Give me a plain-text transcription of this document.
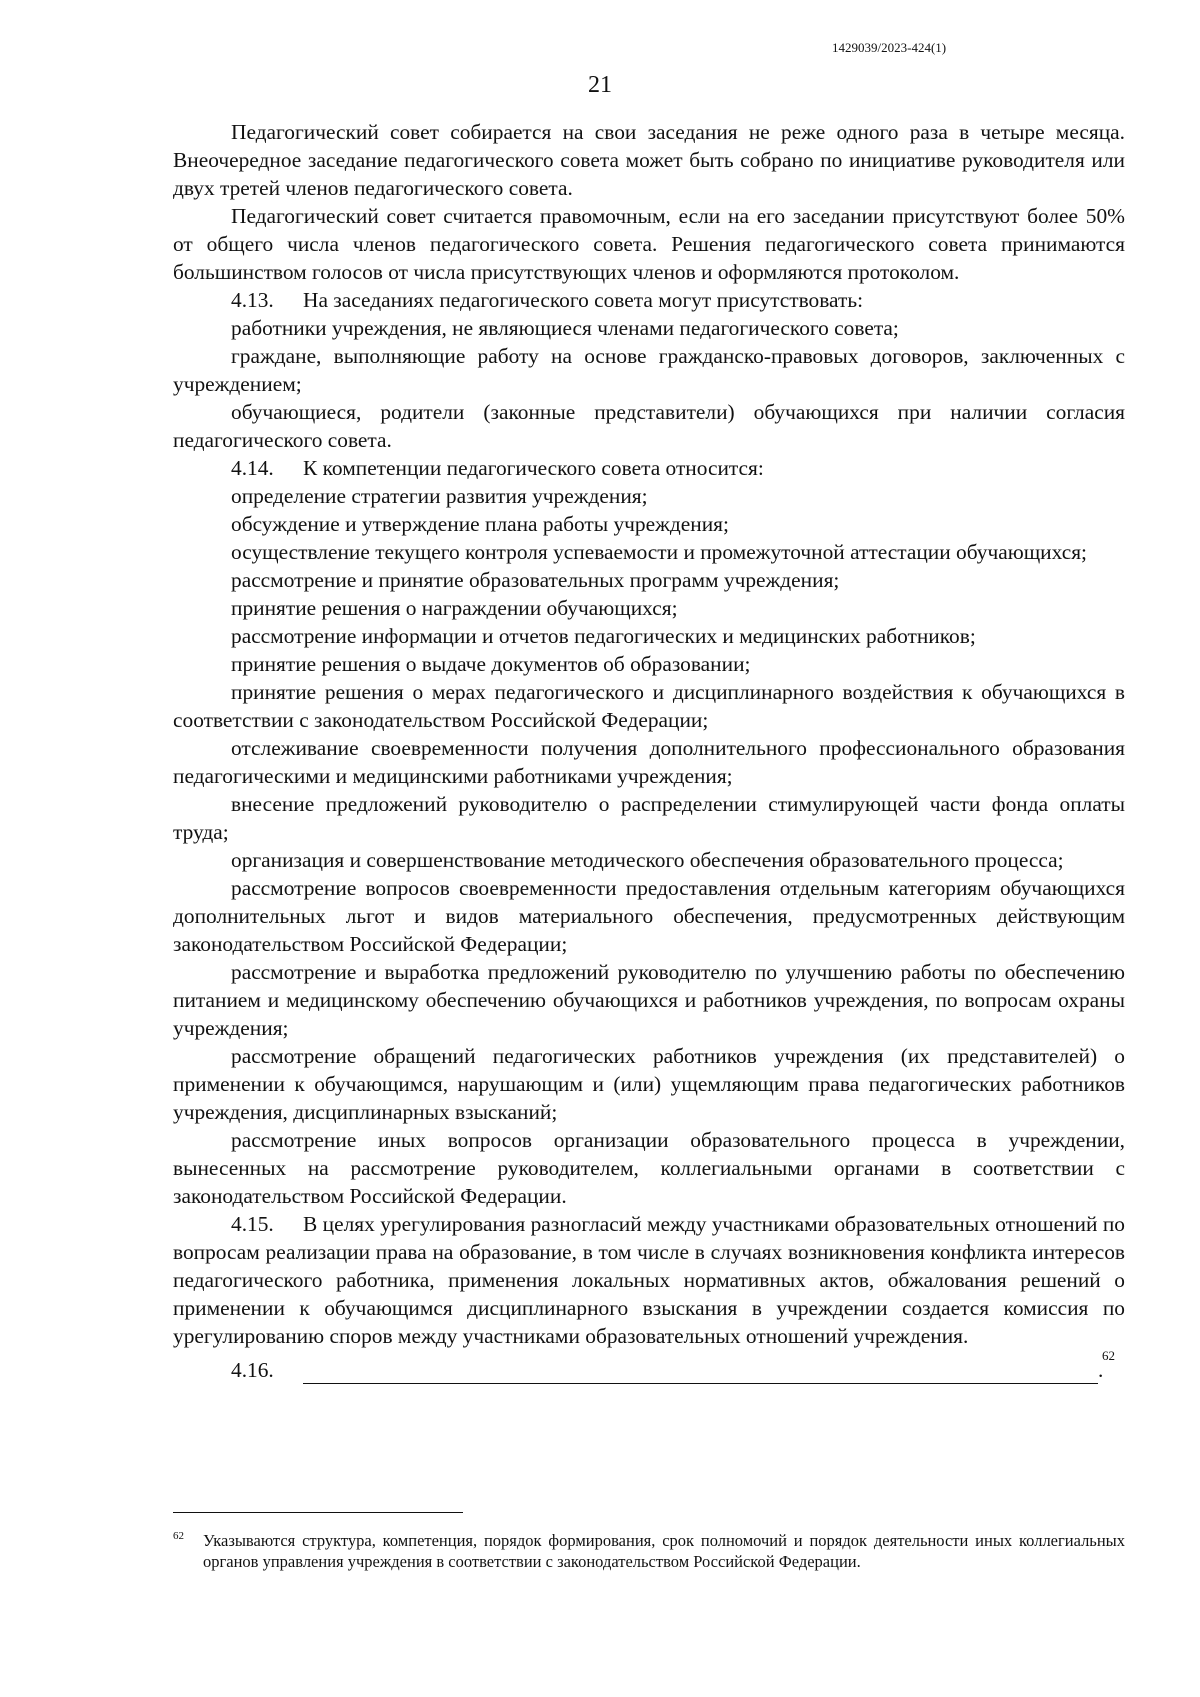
1429039/2023-424(1)
21

Педагогический совет собирается на свои заседания не реже одного раза в четыре месяца. Внеочередное заседание педагогического совета может быть собрано по инициативе руководителя или двух третей членов педагогического совета.

Педагогический совет считается правомочным, если на его заседании присутствуют более 50% от общего числа членов педагогического совета. Решения педагогического совета принимаются большинством голосов от числа присутствующих членов и оформляются протоколом.

4.13. На заседаниях педагогического совета могут присутствовать:

работники учреждения, не являющиеся членами педагогического совета;

граждане, выполняющие работу на основе гражданско-правовых договоров, заключенных с учреждением;

обучающиеся, родители (законные представители) обучающихся при наличии согласия педагогического совета.

4.14. К компетенции педагогического совета относится:

определение стратегии развития учреждения;

обсуждение и утверждение плана работы учреждения;

осуществление текущего контроля успеваемости и промежуточной аттестации обучающихся;

рассмотрение и принятие образовательных программ учреждения;

принятие решения о награждении обучающихся;

рассмотрение информации и отчетов педагогических и медицинских работников;

принятие решения о выдаче документов об образовании;

принятие решения о мерах педагогического и дисциплинарного воздействия к обучающихся в соответствии с законодательством Российской Федерации;

отслеживание своевременности получения дополнительного профессионального образования педагогическими и медицинскими работниками учреждения;

внесение предложений руководителю о распределении стимулирующей части фонда оплаты труда;

организация и совершенствование методического обеспечения образовательного процесса;

рассмотрение вопросов своевременности предоставления отдельным категориям обучающихся дополнительных льгот и видов материального обеспечения, предусмотренных действующим законодательством Российской Федерации;

рассмотрение и выработка предложений руководителю по улучшению работы по обеспечению питанием и медицинскому обеспечению обучающихся и работников учреждения, по вопросам охраны учреждения;

рассмотрение обращений педагогических работников учреждения (их представителей) о применении к обучающимся, нарушающим и (или) ущемляющим права педагогических работников учреждения, дисциплинарных взысканий;

рассмотрение иных вопросов организации образовательного процесса в учреждении, вынесенных на рассмотрение руководителем, коллегиальными органами в соответствии с законодательством Российской Федерации.

4.15. В целях урегулирования разногласий между участниками образовательных отношений по вопросам реализации права на образование, в том числе в случаях возникновения конфликта интересов педагогического работника, применения локальных нормативных актов, обжалования решений о применении к обучающимся дисциплинарного взыскания в учреждении создается комиссия по урегулированию споров между участниками образовательных отношений учреждения.

4.16.	.
62

62 Указываются структура, компетенция, порядок формирования, срок полномочий и порядок деятельности иных коллегиальных органов управления учреждения в соответствии с законодательством Российской Федерации.
